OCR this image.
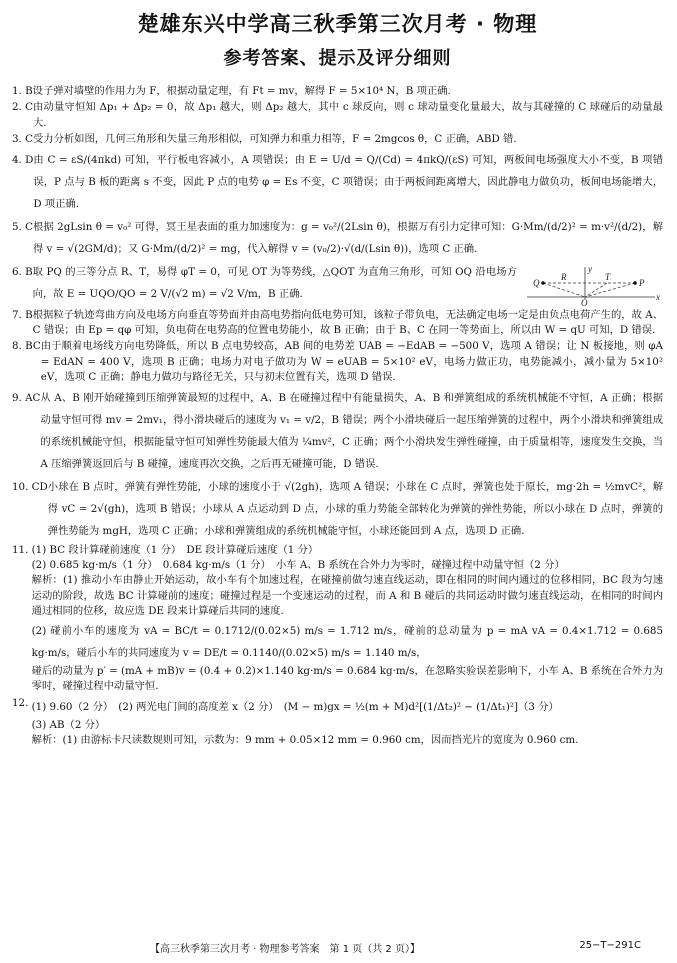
楚雄东兴中学高三秋季第三次月考 · 物理
参考答案、提示及评分细则
1. B 设子弹对墙壁的作用力为 F，根据动量定理，有 Ft = mv，解得 F = 5×10⁴ N，B 项正确.
2. C 由动量守恒知 Δp₁ + Δp₂ = 0，故 Δp₁ 越大，则 Δp₂ 越大，其中 c 球反向，则 c 球动量变化量最大，故与其碰撞的 C 球碰后的动量最大.
3. C 受力分析如图，几何三角形和矢量三角形相似，可知弹力和重力相等，F = 2mgcos θ，C 正确，ABD 错.
4. D 由 C = εS/(4πkd) 可知，平行板电容减小，A 项错误；由 E = U/d = Q/(Cd) = 4πkQ/(εS) 可知，两板间电场强度大小不变，B 项错误，P 点与 B 板的距离 s 不变，因此 P 点的电势 φ = Es 不变，C 项错误；由于两板间距离增大，因此静电力做负功，板间电场能增大，D 项正确.
5. C 根据 2gLsin θ = v₀² 可得，冥王星表面的重力加速度为：g = v₀²/(2Lsin θ)，根据万有引力定律可知：G·Mm/(d/2)² = m·v²/(d/2)，解得 v = √(2GM/d)；又 G·Mm/(d/2)² = mg，代入解得 v = (v₀/2)·√(d/(Lsin θ))，选项 C 正确.
6. B
Q
R	T
P
O
x
y
取 PQ 的三等分点 R、T，易得 φT = 0，可见 OT 为等势线，△QOT 为直角三角形，可知 OQ 沿电场方向，故 E = UQO/QO = 2 V/(√2 m) = √2 V/m，B 正确.
7. B 根据粒子轨迹弯曲方向及电场方向垂直等势面并由高电势指向低电势可知，该粒子带负电，无法确定电场一定是由负点电荷产生的，故 A、C 错误；由 Ep = qφ 可知，负电荷在电势高的位置电势能小，故 B 正确；由于 B、C 在同一等势面上，所以由 W = qU 可知，D 错误.
8. BC 由于顺着电场线方向电势降低，所以 B 点电势较高，AB 间的电势差 UAB = −EdAB = −500 V，选项 A 错误；让 N 板接地，则 φA = EdAN = 400 V，选项 B 正确；电场力对电子做功为 W = eUAB = 5×10² eV，电场力做正功，电势能减小，减小量为 5×10² eV，选项 C 正确；静电力做功与路径无关，只与初末位置有关，选项 D 错误.
9. AC 从 A、B 刚开始碰撞到压缩弹簧最短的过程中，A、B 在碰撞过程中有能量损失，A、B 和弹簧组成的系统机械能不守恒，A 正确；根据动量守恒可得 mv = 2mv₁，得小滑块碰后的速度为 v₁ = v/2，B 错误；两个小滑块碰后一起压缩弹簧的过程中，两个小滑块和弹簧组成的系统机械能守恒，根据能量守恒可知弹性势能最大值为 ¼mv²，C 正确；两个小滑块发生弹性碰撞，由于质量相等，速度发生交换，当 A 压缩弹簧返回后与 B 碰撞，速度再次交换，之后再无碰撞可能，D 错误.
10. CD 小球在 B 点时，弹簧有弹性势能，小球的速度小于 √(2gh)，选项 A 错误；小球在 C 点时，弹簧也处于原长，mg·2h = ½mvC²，解得 vC = 2√(gh)，选项 B 错误；小球从 A 点运动到 D 点，小球的重力势能全部转化为弹簧的弹性势能，所以小球在 D 点时，弹簧的弹性势能为 mgH，选项 C 正确；小球和弹簧组成的系统机械能守恒，小球还能回到 A 点，选项 D 正确.
11. (1) BC 段计算碰前速度（1 分）　DE 段计算碰后速度（1 分）
(2) 0.685 kg·m/s（1 分）　0.684 kg·m/s（1 分）　小车 A、B 系统在合外力为零时，碰撞过程中动量守恒（2 分）
解析：(1) 推动小车由静止开始运动，故小车有个加速过程，在碰撞前做匀速直线运动，即在相同的时间内通过的位移相同，BC 段为匀速运动的阶段，故选 BC 计算碰前的速度；碰撞过程是一个变速运动的过程，而 A 和 B 碰后的共同运动时做匀速直线运动，在相同的时间内通过相同的位移，故应选 DE 段来计算碰后共同的速度.
(2) 碰前小车的速度为 vA = BC/t = 0.1712/(0.02×5) m/s = 1.712 m/s，碰前的总动量为 p = mA vA = 0.4×1.712 = 0.685 kg·m/s，碰后小车的共同速度为 v = DE/t = 0.1140/(0.02×5) m/s = 1.140 m/s，
碰后的动量为 p′ = (mA + mB)v = (0.4 + 0.2)×1.140 kg·m/s = 0.684 kg·m/s，在忽略实验误差影响下，小车 A、B 系统在合外力为零时，碰撞过程中动量守恒.
12. (1) 9.60（2 分）　(2) 两光电门间的高度差 x（2 分）　(M − m)gx = ½(m + M)d²[(1/Δt₂)² − (1/Δt₁)²]（3 分）
(3) AB（2 分）
解析：(1) 由游标卡尺读数规则可知，示数为：9 mm + 0.05×12 mm = 0.960 cm，因而挡光片的宽度为 0.960 cm.
【高三秋季第三次月考 · 物理参考答案　第 1 页（共 2 页）】	25−T−291C
